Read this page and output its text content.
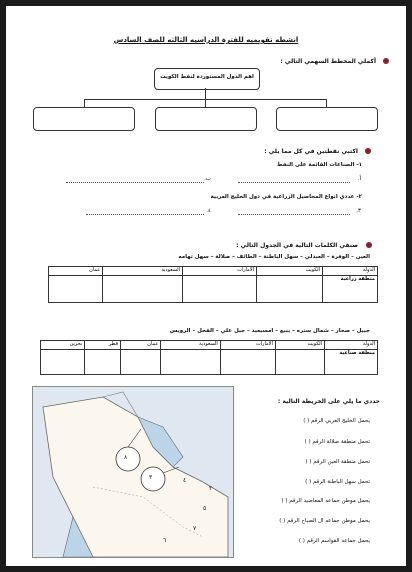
انشطه تقويميه للفترة الدراسيه الثالثه للصف السادس
أكملي المخطط السهمي التالي :
اهم الدول المستوردة لنفط الكويت
اكتبي نقطتين في كل مما يلي :
١- الصناعات القائمة على النفط
أ.
ب.
٢- عددي انواع المحاصيل الزراعية في دول الخليج العربية
٣.
٤.
صنفي الكلمات التالية في الجدول التالي :
العين – الوفرة – العبدلي – سهل الباطنة – الطائف – صلالة – سهل تهامه
الدولة	الكويت	الامارات	السعودية	عمان
منطقة زراعية				
جبيل – صحار – شمال ستره – ينبع – امسيعيد – جبل علي – الفحل – الرويس
الدولة	الكويت	الامارات	السعودية	عمان	قطر	بحرين
منطقة صناعية						
٨
٣	٤
٢
٥
٧
٦
حددي ما يلي على الخريطة التالية :
يحمل الخليج العربي الرقم ( )
تحمل منطقة صلالة الرقم ( )
تحمل منطقة العين الرقم ( )
تحمل سهل الباطنة الرقم ( )
يحمل موطن جماعه المعاضيد الرقم ( )
يحمل موطن جماعه ال الصباح الرقم ( )
يحمل جماعه القواسم الرقم ( )
